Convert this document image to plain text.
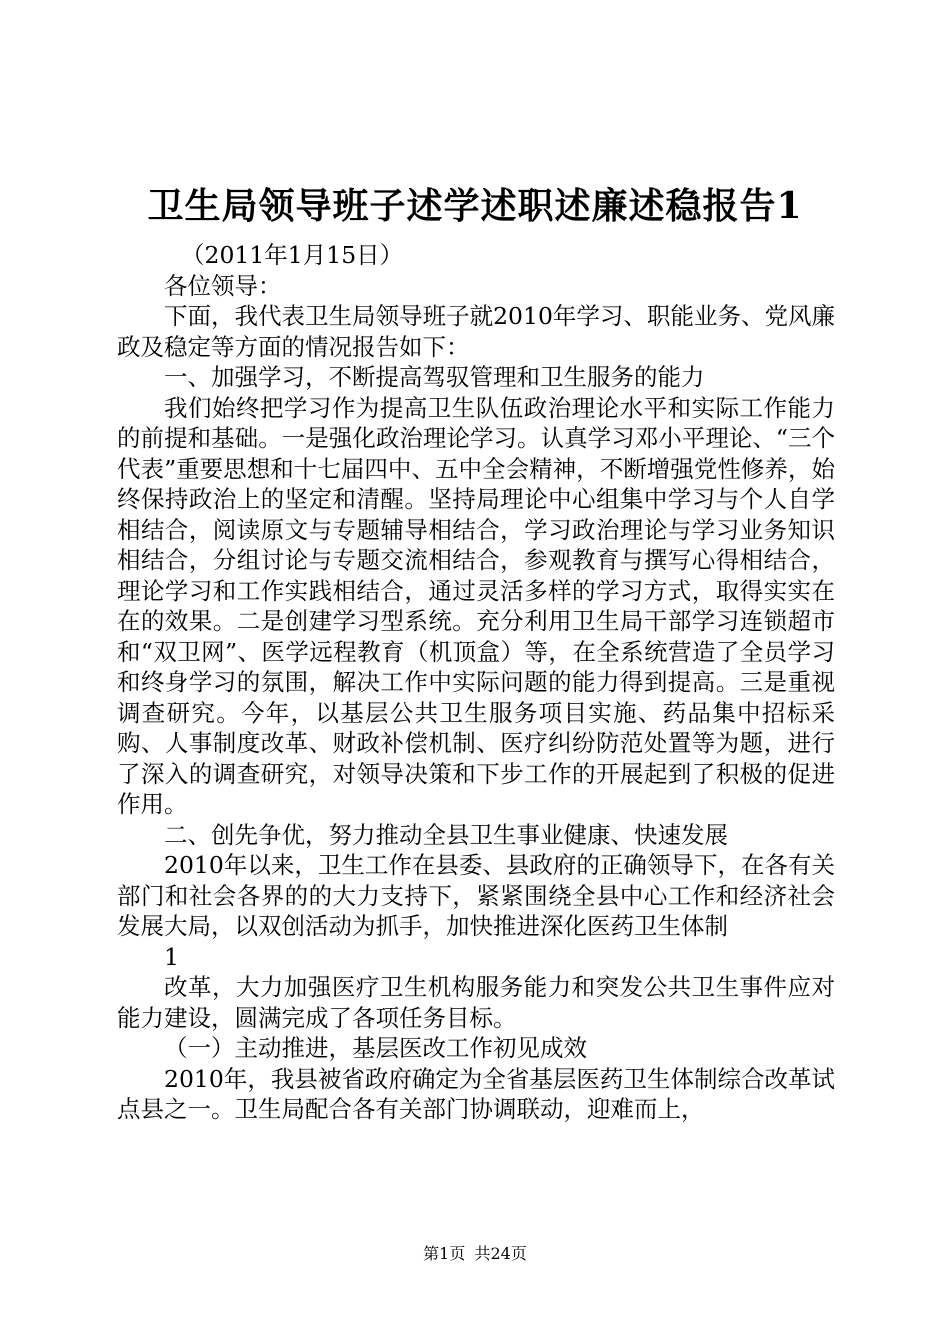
卫生局领导班子述学述职述廉述稳报告1

（2011年1月15日）

各位领导：

下面，我代表卫生局领导班子就2010年学习、职能业务、党风廉政及稳定等方面的情况报告如下：

一、加强学习，不断提高驾驭管理和卫生服务的能力

我们始终把学习作为提高卫生队伍政治理论水平和实际工作能力的前提和基础。一是强化政治理论学习。认真学习邓小平理论、“三个代表”重要思想和十七届四中、五中全会精神，不断增强党性修养，始终保持政治上的坚定和清醒。坚持局理论中心组集中学习与个人自学相结合，阅读原文与专题辅导相结合，学习政治理论与学习业务知识相结合，分组讨论与专题交流相结合，参观教育与撰写心得相结合，理论学习和工作实践相结合，通过灵活多样的学习方式，取得实实在在的效果。二是创建学习型系统。充分利用卫生局干部学习连锁超市和“双卫网”、医学远程教育（机顶盒）等，在全系统营造了全员学习和终身学习的氛围，解决工作中实际问题的能力得到提高。三是重视调查研究。今年，以基层公共卫生服务项目实施、药品集中招标采购、人事制度改革、财政补偿机制、医疗纠纷防范处置等为题，进行了深入的调查研究，对领导决策和下步工作的开展起到了积极的促进作用。

二、创先争优，努力推动全县卫生事业健康、快速发展

2010年以来，卫生工作在县委、县政府的正确领导下，在各有关部门和社会各界的的大力支持下，紧紧围绕全县中心工作和经济社会发展大局，以双创活动为抓手，加快推进深化医药卫生体制

1

改革，大力加强医疗卫生机构服务能力和突发公共卫生事件应对能力建设，圆满完成了各项任务目标。

（一）主动推进，基层医改工作初见成效

2010年，我县被省政府确定为全省基层医药卫生体制综合改革试点县之一。卫生局配合各有关部门协调联动，迎难而上，

第1页 共24页
